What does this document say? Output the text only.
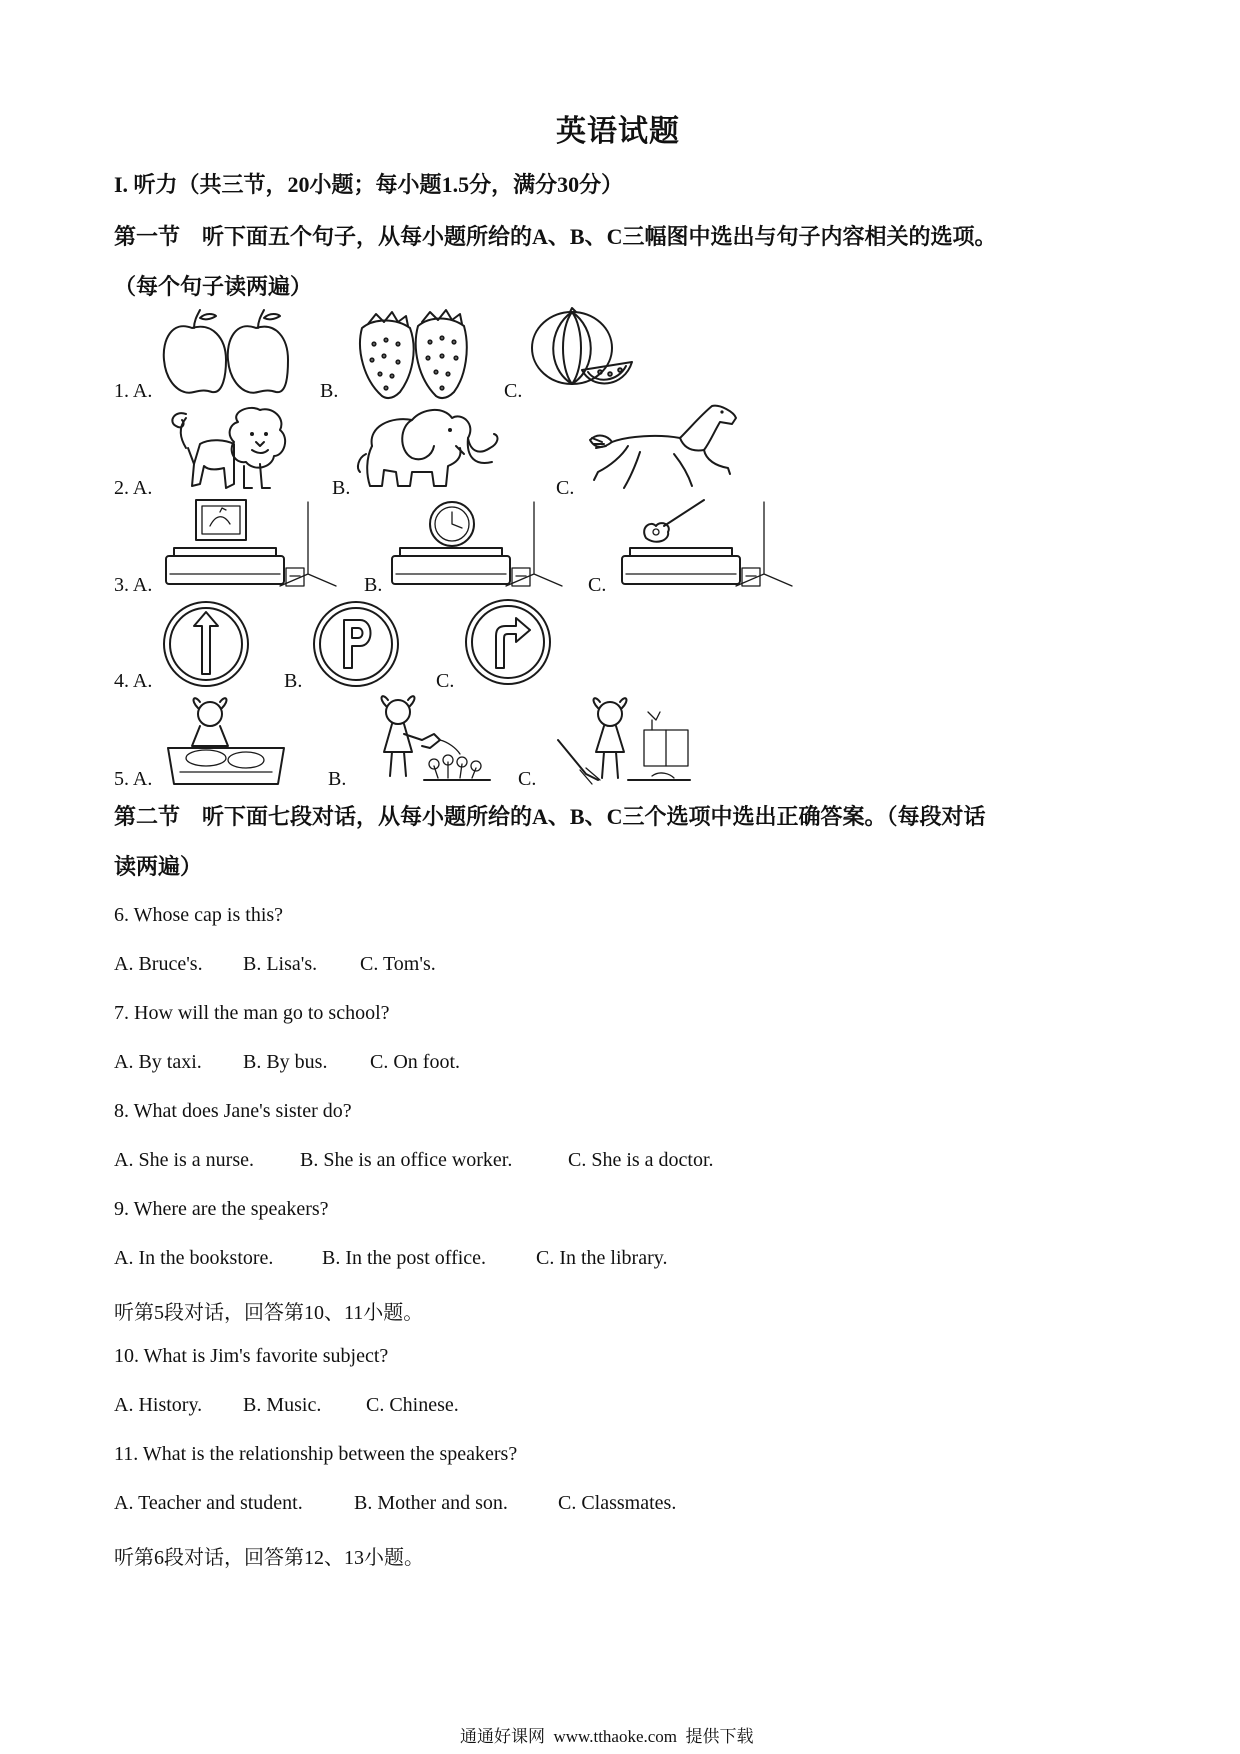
英语试题
I. 听力（共三节，20小题；每小题1.5分，满分30分）
第一节　听下面五个句子，从每小题所给的A、B、C三幅图中选出与句子内容相关的选项。
（每个句子读两遍）
1. A.	B.	C.
2. A.	B.	C.
3. A.	B.	C.
4. A.	B.	C.
5. A.	B.	C.
第二节　听下面七段对话，从每小题所给的A、B、C三个选项中选出正确答案。（每段对话
读两遍）
6. Whose cap is this?
A. Bruce's. B. Lisa's. C. Tom's.
7. How will the man go to school?
A. By taxi. B. By bus. C. On foot.
8. What does Jane's sister do?
A. She is a nurse. B. She is an office worker.	C. She is a doctor.
9. Where are the speakers?
A. In the bookstore. B. In the post office. C. In the library.
听第5段对话，回答第10、11小题。
10. What is Jim's favorite subject?
A. History. B. Music. C. Chinese.
11. What is the relationship between the speakers?
A. Teacher and student.	B. Mother and son.	C. Classmates.
听第6段对话，回答第12、13小题。
通通好课网  www.tthaoke.com  提供下载
